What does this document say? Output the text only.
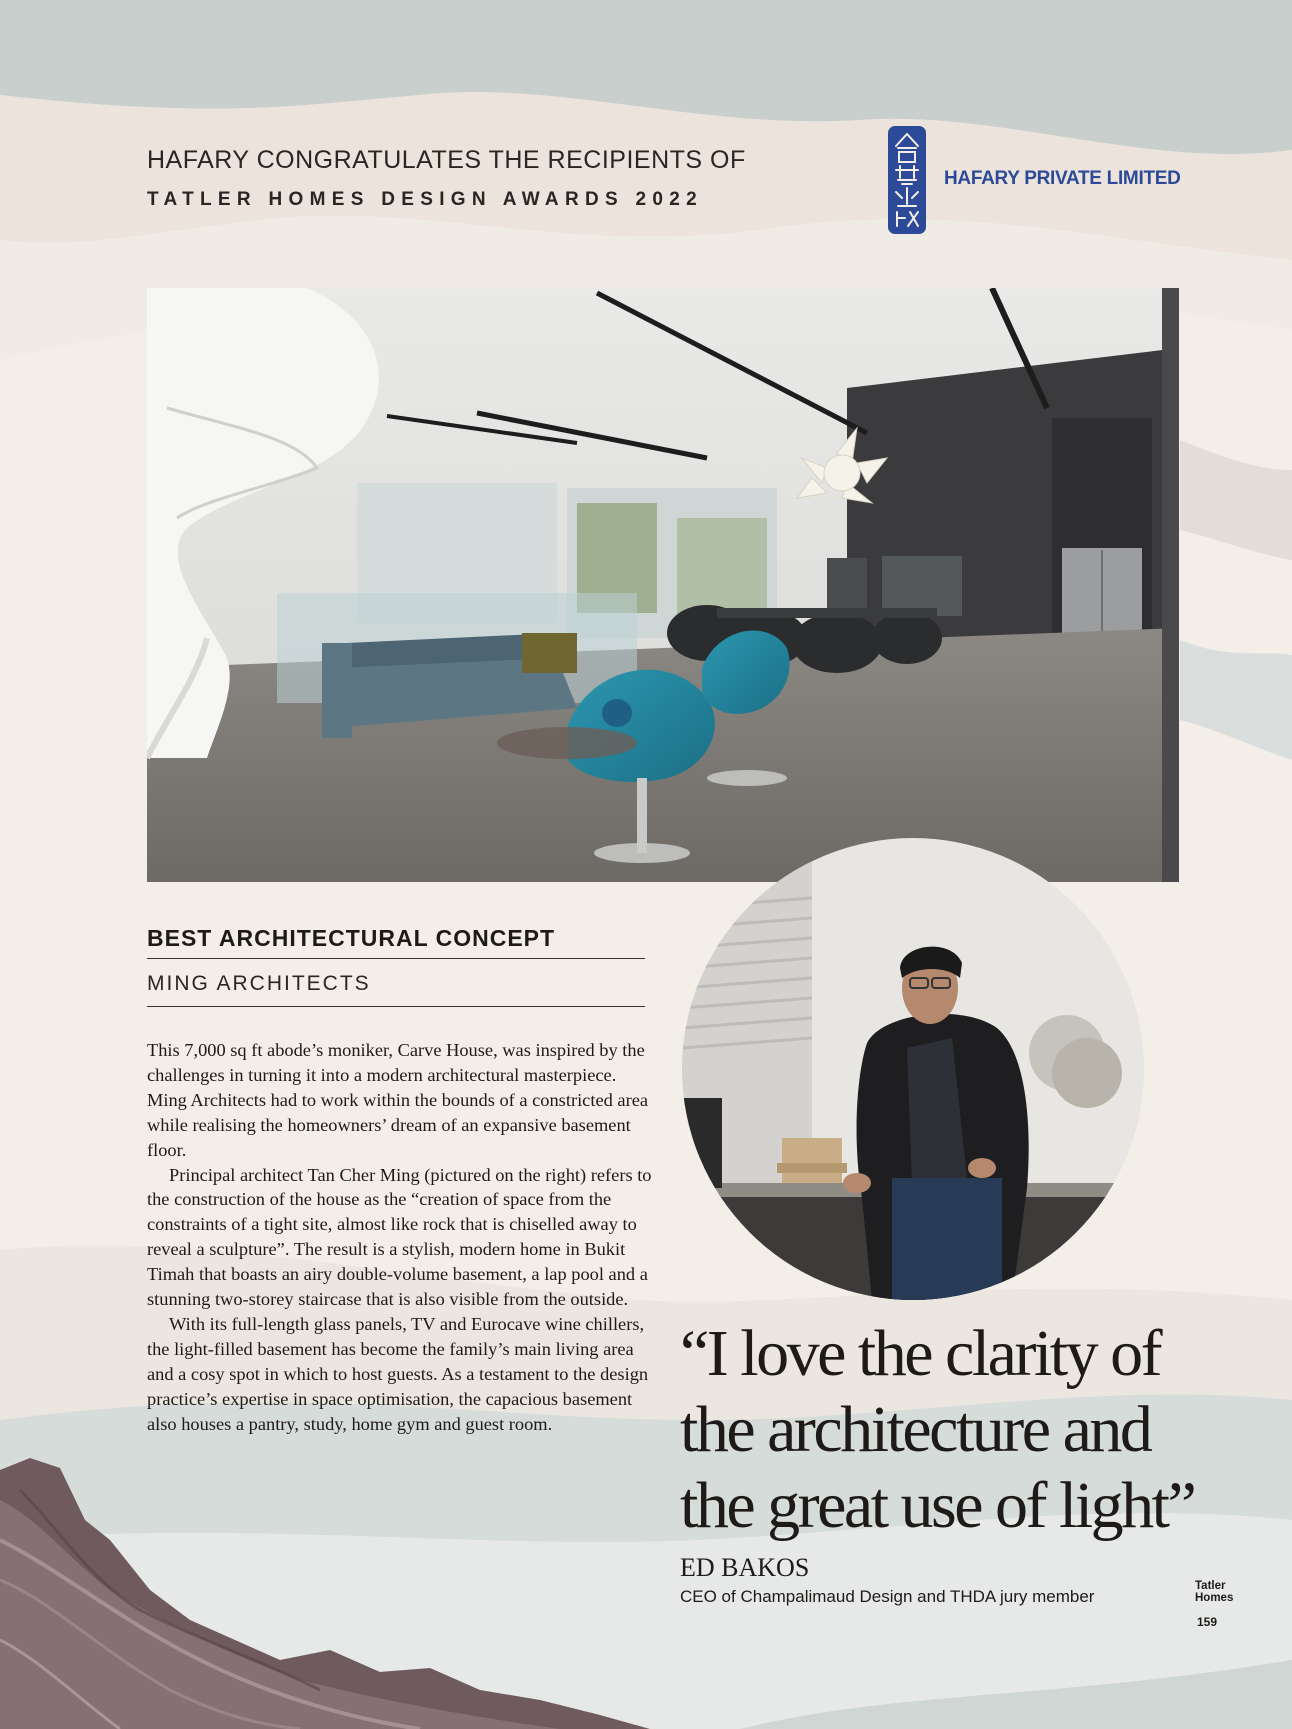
HAFARY CONGRATULATES THE RECIPIENTS OF
TATLER HOMES DESIGN AWARDS 2022
HAFARY PRIVATE LIMITED
BEST ARCHITECTURAL CONCEPT
MING ARCHITECTS

This 7,000 sq ft abode’s moniker, Carve House, was inspired by the challenges in turning it into a modern architectural masterpiece. Ming Architects had to work within the bounds of a constricted area while realising the homeowners’ dream of an expansive basement floor.

Principal architect Tan Cher Ming (pictured on the right) refers to the construction of the house as the “creation of space from the constraints of a tight site, almost like rock that is chiselled away to reveal a sculpture”. The result is a stylish, modern home in Bukit Timah that boasts an airy double-volume basement, a lap pool and a stunning two-storey staircase that is also visible from the outside.

With its full-length glass panels, TV and Eurocave wine chillers, the light-filled basement has become the family’s main living area and a cosy spot in which to host guests. As a testament to the design practice’s expertise in space optimisation, the capacious basement also houses a pantry, study, home gym and guest room.

“I love the clarity of the architecture and the great use of light”
ED BAKOS
CEO of Champalimaud Design and THDA jury member
Tatler
Homes
159
